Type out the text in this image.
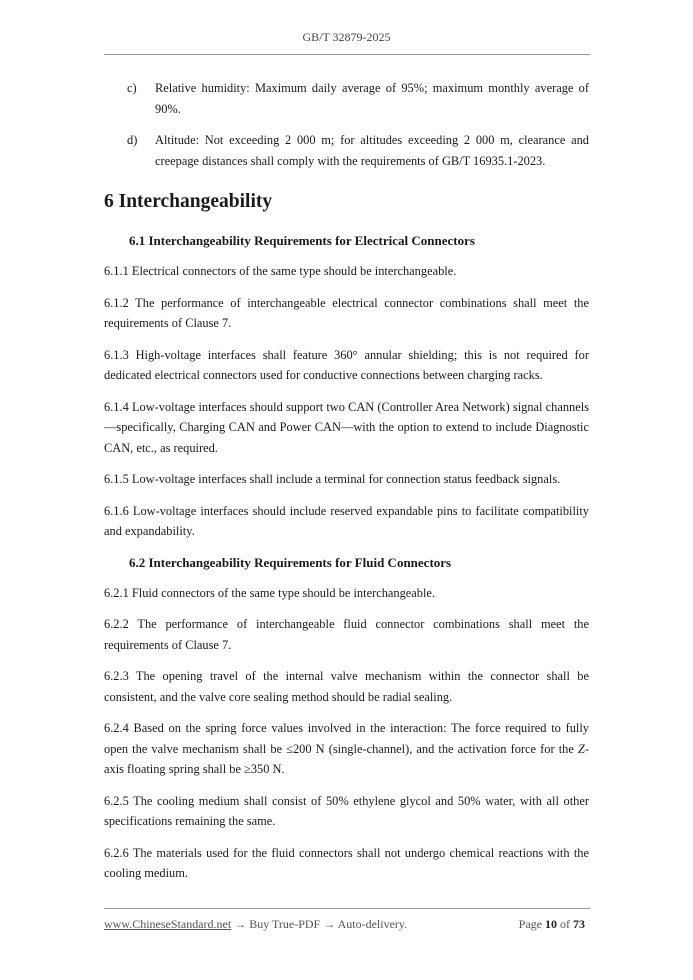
GB/T 32879-2025
c) Relative humidity: Maximum daily average of 95%; maximum monthly average of 90%.
d) Altitude: Not exceeding 2 000 m; for altitudes exceeding 2 000 m, clearance and creepage distances shall comply with the requirements of GB/T 16935.1-2023.
6 Interchangeability
6.1 Interchangeability Requirements for Electrical Connectors
6.1.1 Electrical connectors of the same type should be interchangeable.
6.1.2 The performance of interchangeable electrical connector combinations shall meet the requirements of Clause 7.
6.1.3 High-voltage interfaces shall feature 360° annular shielding; this is not required for dedicated electrical connectors used for conductive connections between charging racks.
6.1.4 Low-voltage interfaces should support two CAN (Controller Area Network) signal channels—specifically, Charging CAN and Power CAN—with the option to extend to include Diagnostic CAN, etc., as required.
6.1.5 Low-voltage interfaces shall include a terminal for connection status feedback signals.
6.1.6 Low-voltage interfaces should include reserved expandable pins to facilitate compatibility and expandability.
6.2 Interchangeability Requirements for Fluid Connectors
6.2.1 Fluid connectors of the same type should be interchangeable.
6.2.2 The performance of interchangeable fluid connector combinations shall meet the requirements of Clause 7.
6.2.3 The opening travel of the internal valve mechanism within the connector shall be consistent, and the valve core sealing method should be radial sealing.
6.2.4 Based on the spring force values involved in the interaction: The force required to fully open the valve mechanism shall be ≤200 N (single-channel), and the activation force for the Z-axis floating spring shall be ≥350 N.
6.2.5 The cooling medium shall consist of 50% ethylene glycol and 50% water, with all other specifications remaining the same.
6.2.6 The materials used for the fluid connectors shall not undergo chemical reactions with the cooling medium.
www.ChineseStandard.net → Buy True-PDF → Auto-delivery.	Page 10 of 73
